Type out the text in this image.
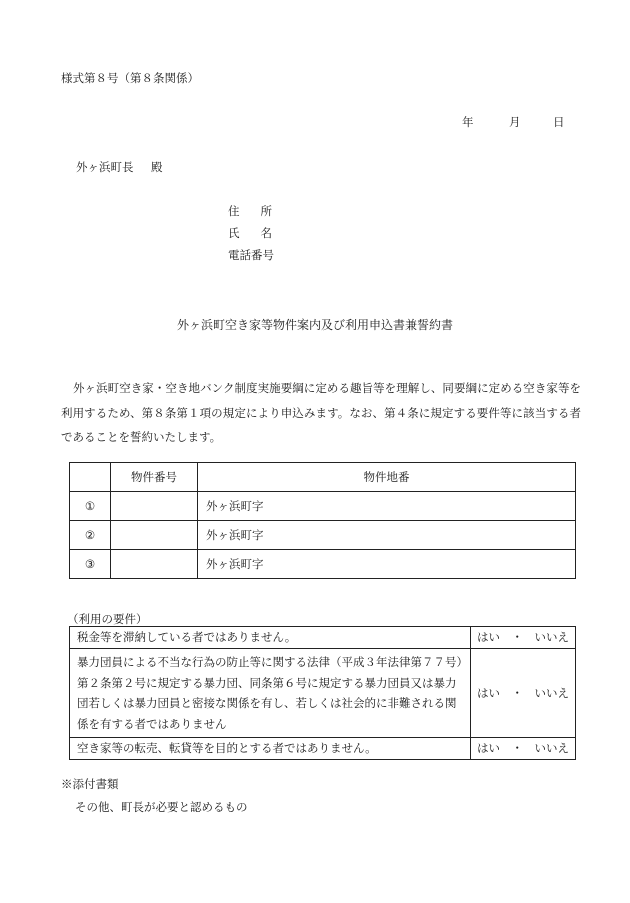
様式第８号（第８条関係）
年	月	日
外ヶ浜町長 殿
住　所
氏　名
電話番号
外ヶ浜町空き家等物件案内及び利用申込書兼誓約書
外ヶ浜町空き家・空き地バンク制度実施要綱に定める趣旨等を理解し、同要綱に定める空き家等を利用するため、第８条第１項の規定により申込みます。なお、第４条に規定する要件等に該当する者であることを誓約いたします。
	物件番号	物件地番
①		外ヶ浜町字
②		外ヶ浜町字
③		外ヶ浜町字
（利用の要件）
税金等を滞納している者ではありません。	はい　・　いいえ
暴力団員による不当な行為の防止等に関する法律（平成３年法律第７７号）第２条第２号に規定する暴力団、同条第６号に規定する暴力団員又は暴力団若しくは暴力団員と密接な関係を有し、若しくは社会的に非難される関係を有する者ではありません	はい　・　いいえ
空き家等の転売、転貸等を目的とする者ではありません。	はい　・　いいえ
※添付書類
その他、町長が必要と認めるもの
